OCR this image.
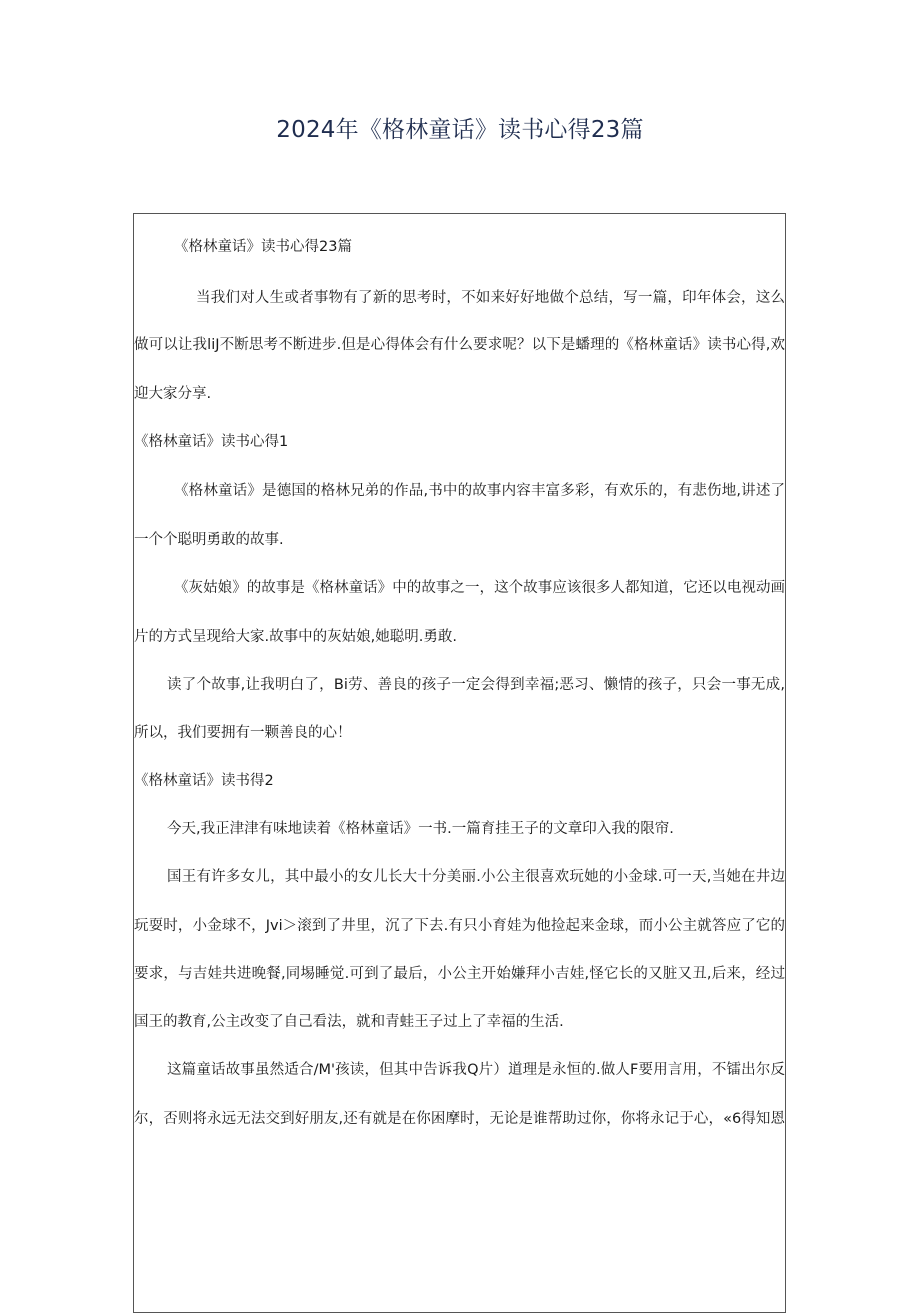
2024年《格林童话》读书心得23篇
《格林童话》读书心得23篇
当我们对人生或者事物有了新的思考时，不如来好好地做个总结，写一篇，印年体会，这么
做可以让我liJ不断思考不断进步.但是心得体会有什么要求呢？以下是蟠理的《格林童话》读书心得,欢
迎大家分享.
《格林童话》读书心得1
《格林童话》是德国的格林兄弟的作品,书中的故事内容丰富多彩，有欢乐的，有悲伤地,讲述了
一个个聪明勇敢的故事.
《灰姑娘》的故事是《格林童话》中的故事之一，这个故事应该很多人都知道，它还以电视动画
片的方式呈现给大家.故事中的灰姑娘,她聪明.勇敢.
读了个故事,让我明白了，Bi劳、善良的孩子一定会得到幸福;恶习、懒情的孩子，只会一事无成,
所以，我们要拥有一颗善良的心！
《格林童话》读书得2
今天,我正津津有味地读着《格林童话》一书.一篇育挂王子的文章印入我的限帘.
国王有许多女儿，其中最小的女儿长大十分美丽.小公主很喜欢玩她的小金球.可一天,当她在井边
玩耍时，小金球不，Jvi＞滚到了井里，沉了下去.有只小育娃为他捡起来金球，而小公主就答应了它的
要求，与吉娃共进晚餐,同埸睡觉.可到了最后，小公主开始嫌拜小吉娃,怪它长的又脏又丑,后来，经过
国王的教育,公主改变了自己看法，就和青蛙王子过上了幸福的生活.
这篇童话故事虽然适合/M'孩读，但其中告诉我Q片）道理是永恒的.做人F要用言用，不镭出尔反
尔，否则将永远无法交到好朋友,还有就是在你困摩时，无论是谁帮助过你，你将永记于心，«6得知恩
